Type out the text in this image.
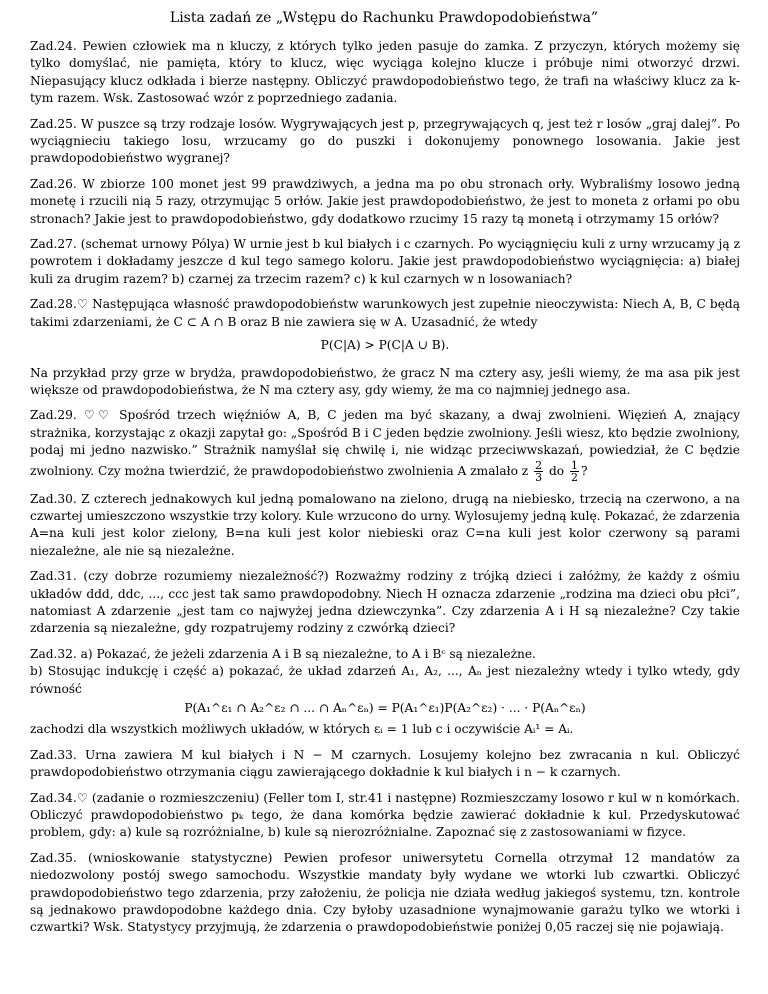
Lista zadań ze „Wstępu do Rachunku Prawdopodobieństwa”

Zad.24. Pewien człowiek ma n kluczy, z których tylko jeden pasuje do zamka. Z przyczyn, których możemy się tylko domyślać, nie pamięta, który to klucz, więc wyciąga kolejno klucze i próbuje nimi otworzyć drzwi. Niepasujący klucz odkłada i bierze następny. Obliczyć prawdopodobieństwo tego, że trafi na właściwy klucz za k-tym razem. Wsk. Zastosować wzór z poprzedniego zadania.

Zad.25. W puszce są trzy rodzaje losów. Wygrywających jest p, przegrywających q, jest też r losów „graj dalej”. Po wyciągnieciu takiego losu, wrzucamy go do puszki i dokonujemy ponownego losowania. Jakie jest prawdopodobieństwo wygranej?

Zad.26. W zbiorze 100 monet jest 99 prawdziwych, a jedna ma po obu stronach orły. Wybraliśmy losowo jedną monetę i rzucili nią 5 razy, otrzymując 5 orłów. Jakie jest prawdopodobieństwo, że jest to moneta z orłami po obu stronach? Jakie jest to prawdopodobieństwo, gdy dodatkowo rzucimy 15 razy tą monetą i otrzymamy 15 orłów?

Zad.27. (schemat urnowy Pólya) W urnie jest b kul białych i c czarnych. Po wyciągnięciu kuli z urny wrzucamy ją z powrotem i dokładamy jeszcze d kul tego samego koloru. Jakie jest prawdopodobieństwo wyciągnięcia: a) białej kuli za drugim razem? b) czarnej za trzecim razem? c) k kul czarnych w n losowaniach?

Zad.28.♡ Następująca własność prawdopodobieństw warunkowych jest zupełnie nieoczywista: Niech A, B, C będą takimi zdarzeniami, że C ⊂ A ∩ B oraz B nie zawiera się w A. Uzasadnić, że wtedy

P(C|A) > P(C|A ∪ B).

Na przykład przy grze w brydża, prawdopodobieństwo, że gracz N ma cztery asy, jeśli wiemy, że ma asa pik jest większe od prawdopodobieństwa, że N ma cztery asy, gdy wiemy, że ma co najmniej jednego asa.

Zad.29. ♡♡ Spośród trzech więźniów A, B, C jeden ma być skazany, a dwaj zwolnieni. Więzień A, znający strażnika, korzystając z okazji zapytał go: „Spośród B i C jeden będzie zwolniony. Jeśli wiesz, kto będzie zwolniony, podaj mi jedno nazwisko.” Strażnik namyślał się chwilę i, nie widząc przeciwwskazań, powiedział, że C będzie zwolniony. Czy można twierdzić, że prawdopodobieństwo zwolnienia A zmalało z $\frac{2}{3}$ do $\frac{1}{2}$ ?

Zad.30. Z czterech jednakowych kul jedną pomalowano na zielono, drugą na niebiesko, trzecią na czerwono, a na czwartej umieszczono wszystkie trzy kolory. Kule wrzucono do urny. Wylosujemy jedną kulę. Pokazać, że zdarzenia A=na kuli jest kolor zielony, B=na kuli jest kolor niebieski oraz C=na kuli jest kolor czerwony są parami niezależne, ale nie są niezależne.

Zad.31. (czy dobrze rozumiemy niezależność?) Rozważmy rodziny z trójką dzieci i załóżmy, że każdy z ośmiu układów ddd, ddc, ..., ccc jest tak samo prawdopodobny. Niech H oznacza zdarzenie „rodzina ma dzieci obu płci”, natomiast A zdarzenie „jest tam co najwyżej jedna dziewczynka”. Czy zdarzenia A i H są niezależne? Czy takie zdarzenia są niezależne, gdy rozpatrujemy rodziny z czwórką dzieci?

Zad.32. a) Pokazać, że jeżeli zdarzenia A i B są niezależne, to A i Bᶜ są niezależne.

b) Stosując indukcję i część a) pokazać, że układ zdarzeń A₁, A₂, ..., Aₙ jest niezależny wtedy i tylko wtedy, gdy równość

P(A₁^ε₁ ∩ A₂^ε₂ ∩ ... ∩ Aₙ^εₙ) = P(A₁^ε₁)P(A₂^ε₂) · ... · P(Aₙ^εₙ)

zachodzi dla wszystkich możliwych układów, w których εᵢ = 1 lub c i oczywiście Aᵢ¹ = Aᵢ.

Zad.33. Urna zawiera M kul białych i N − M czarnych. Losujemy kolejno bez zwracania n kul. Obliczyć prawdopodobieństwo otrzymania ciągu zawierającego dokładnie k kul białych i n − k czarnych.

Zad.34.♡ (zadanie o rozmieszczeniu) (Feller tom I, str.41 i następne) Rozmieszczamy losowo r kul w n komórkach. Obliczyć prawdopodobieństwo pₖ tego, że dana komórka będzie zawierać dokładnie k kul. Przedyskutować problem, gdy: a) kule są rozróżnialne, b) kule są nierozróżnialne. Zapoznać się z zastosowaniami w fizyce.

Zad.35. (wnioskowanie statystyczne) Pewien profesor uniwersytetu Cornella otrzymał 12 mandatów za niedozwolony postój swego samochodu. Wszystkie mandaty były wydane we wtorki lub czwartki. Obliczyć prawdopodobieństwo tego zdarzenia, przy założeniu, że policja nie działa według jakiegoś systemu, tzn. kontrole są jednakowo prawdopodobne każdego dnia. Czy byłoby uzasadnione wynajmowanie garażu tylko we wtorki i czwartki? Wsk. Statystycy przyjmują, że zdarzenia o prawdopodobieństwie poniżej 0,05 raczej się nie pojawiają.
